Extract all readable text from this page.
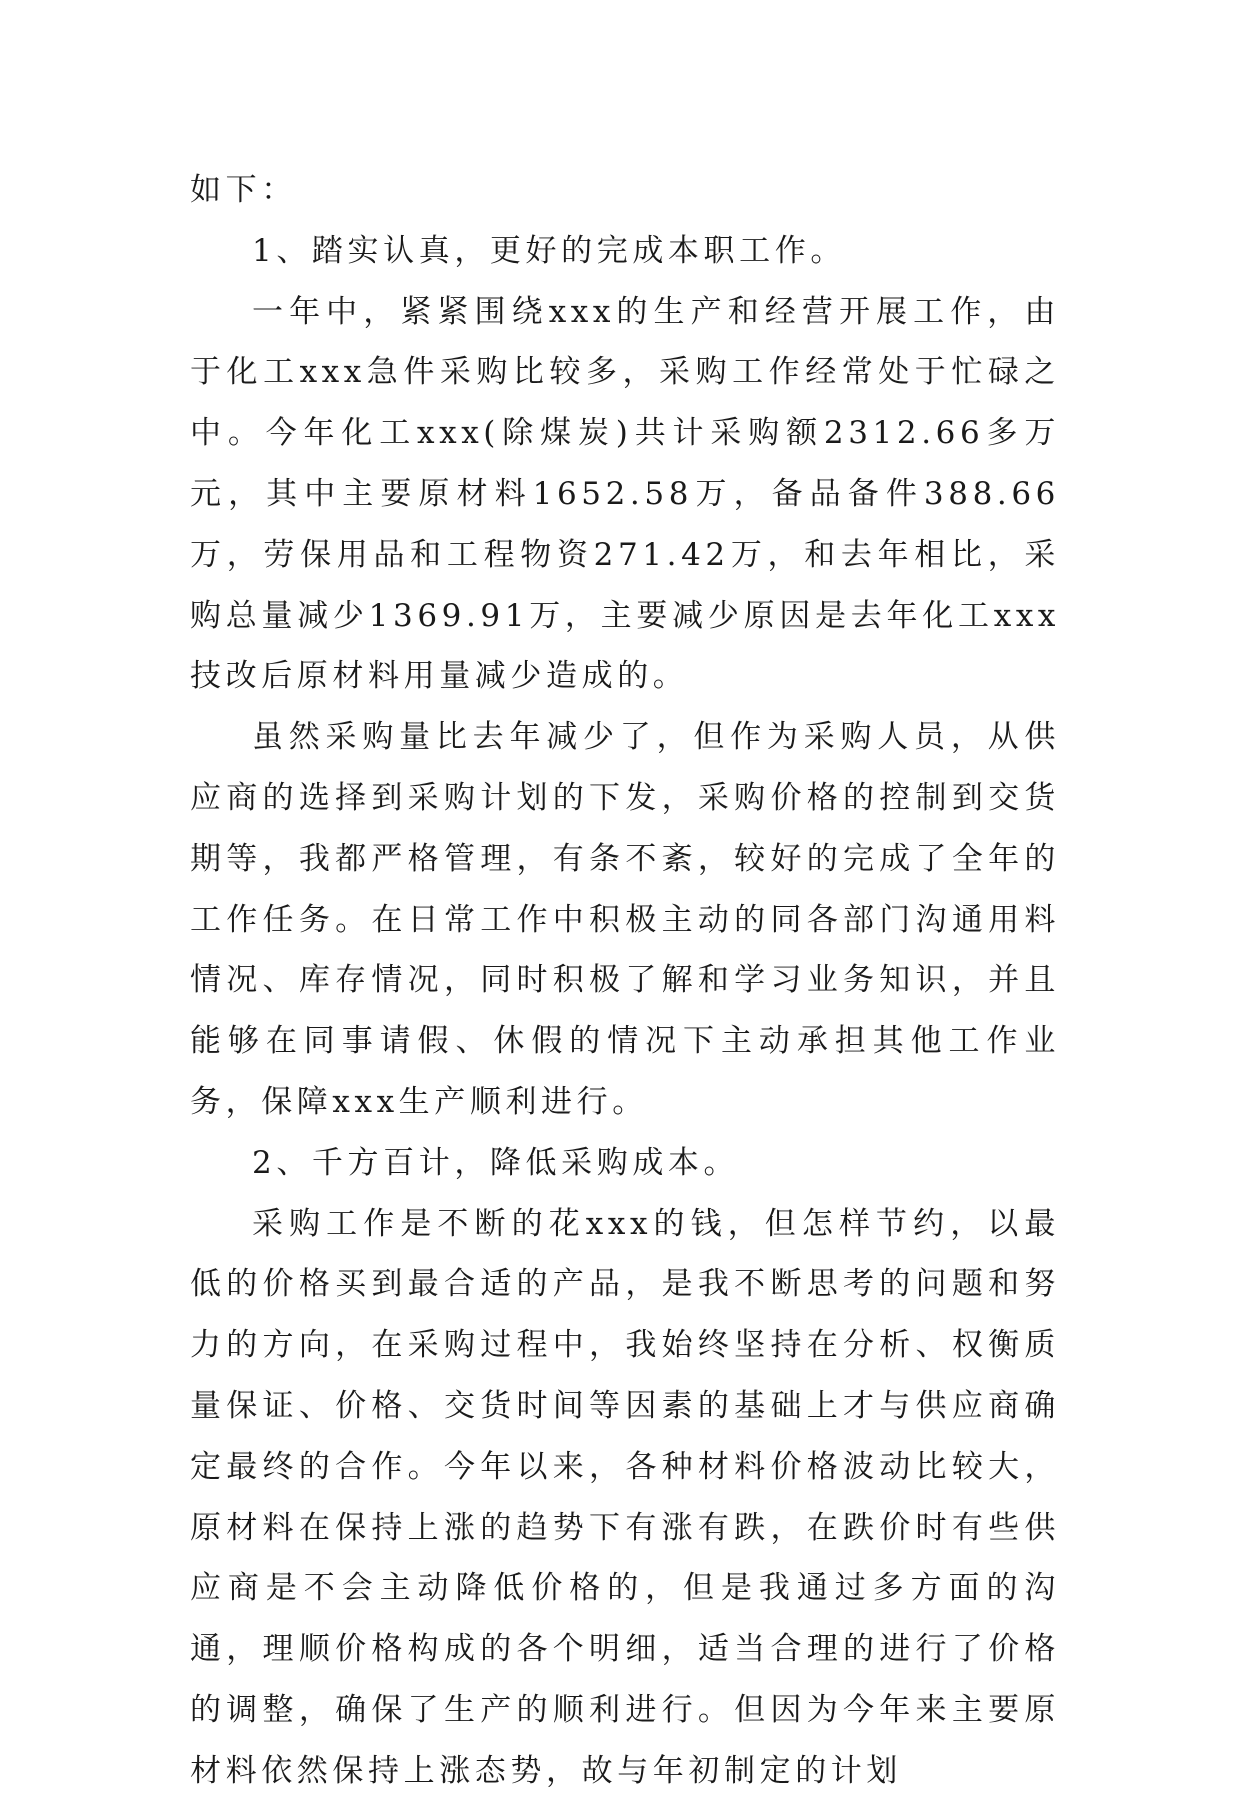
如下：

1、踏实认真，更好的完成本职工作。

一年中，紧紧围绕xxx的生产和经营开展工作，由于化工xxx急件采购比较多，采购工作经常处于忙碌之中。今年化工xxx(除煤炭)共计采购额2312.66多万元，其中主要原材料1652.58万，备品备件388.66万，劳保用品和工程物资271.42万，和去年相比，采购总量减少1369.91万，主要减少原因是去年化工xxx技改后原材料用量减少造成的。

虽然采购量比去年减少了，但作为采购人员，从供应商的选择到采购计划的下发，采购价格的控制到交货期等，我都严格管理，有条不紊，较好的完成了全年的工作任务。在日常工作中积极主动的同各部门沟通用料情况、库存情况，同时积极了解和学习业务知识，并且能够在同事请假、休假的情况下主动承担其他工作业务，保障xxx生产顺利进行。

2、千方百计，降低采购成本。

采购工作是不断的花xxx的钱，但怎样节约，以最低的价格买到最合适的产品，是我不断思考的问题和努力的方向，在采购过程中，我始终坚持在分析、权衡质量保证、价格、交货时间等因素的基础上才与供应商确定最终的合作。今年以来，各种材料价格波动比较大，原材料在保持上涨的趋势下有涨有跌，在跌价时有些供应商是不会主动降低价格的，但是我通过多方面的沟通，理顺价格构成的各个明细，适当合理的进行了价格的调整，确保了生产的顺利进行。但因为今年来主要原材料依然保持上涨态势，故与年初制定的计划
